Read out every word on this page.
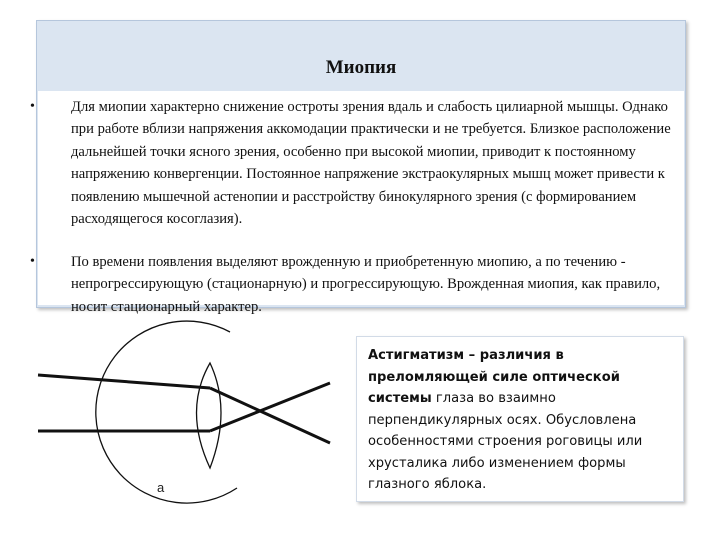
Миопия
• Для миопии характерно снижение остроты зрения вдаль и слабость цилиарной мышцы. Однако при работе вблизи напряжения аккомодации практически и не требуется. Близкое расположение дальнейшей точки ясного зрения, особенно при высокой миопии, приводит к постоянному напряжению конвергенции. Постоянное напряжение экстраокулярных мышц может привести к появлению мышечной астенопии и расстройству бинокулярного зрения (с формированием расходящегося косоглазия).
• По времени появления выделяют врожденную и приобретенную миопию, а по течению - непрогрессирующую (стационарную) и прогрессирующую. Врожденная миопия, как правило, носит стационарный характер.
а
Астигматизм – различия в преломляющей силе оптической системы глаза во взаимно перпендикулярных осях. Обусловлена особенностями строения роговицы или хрусталика либо изменением формы глазного яблока.
